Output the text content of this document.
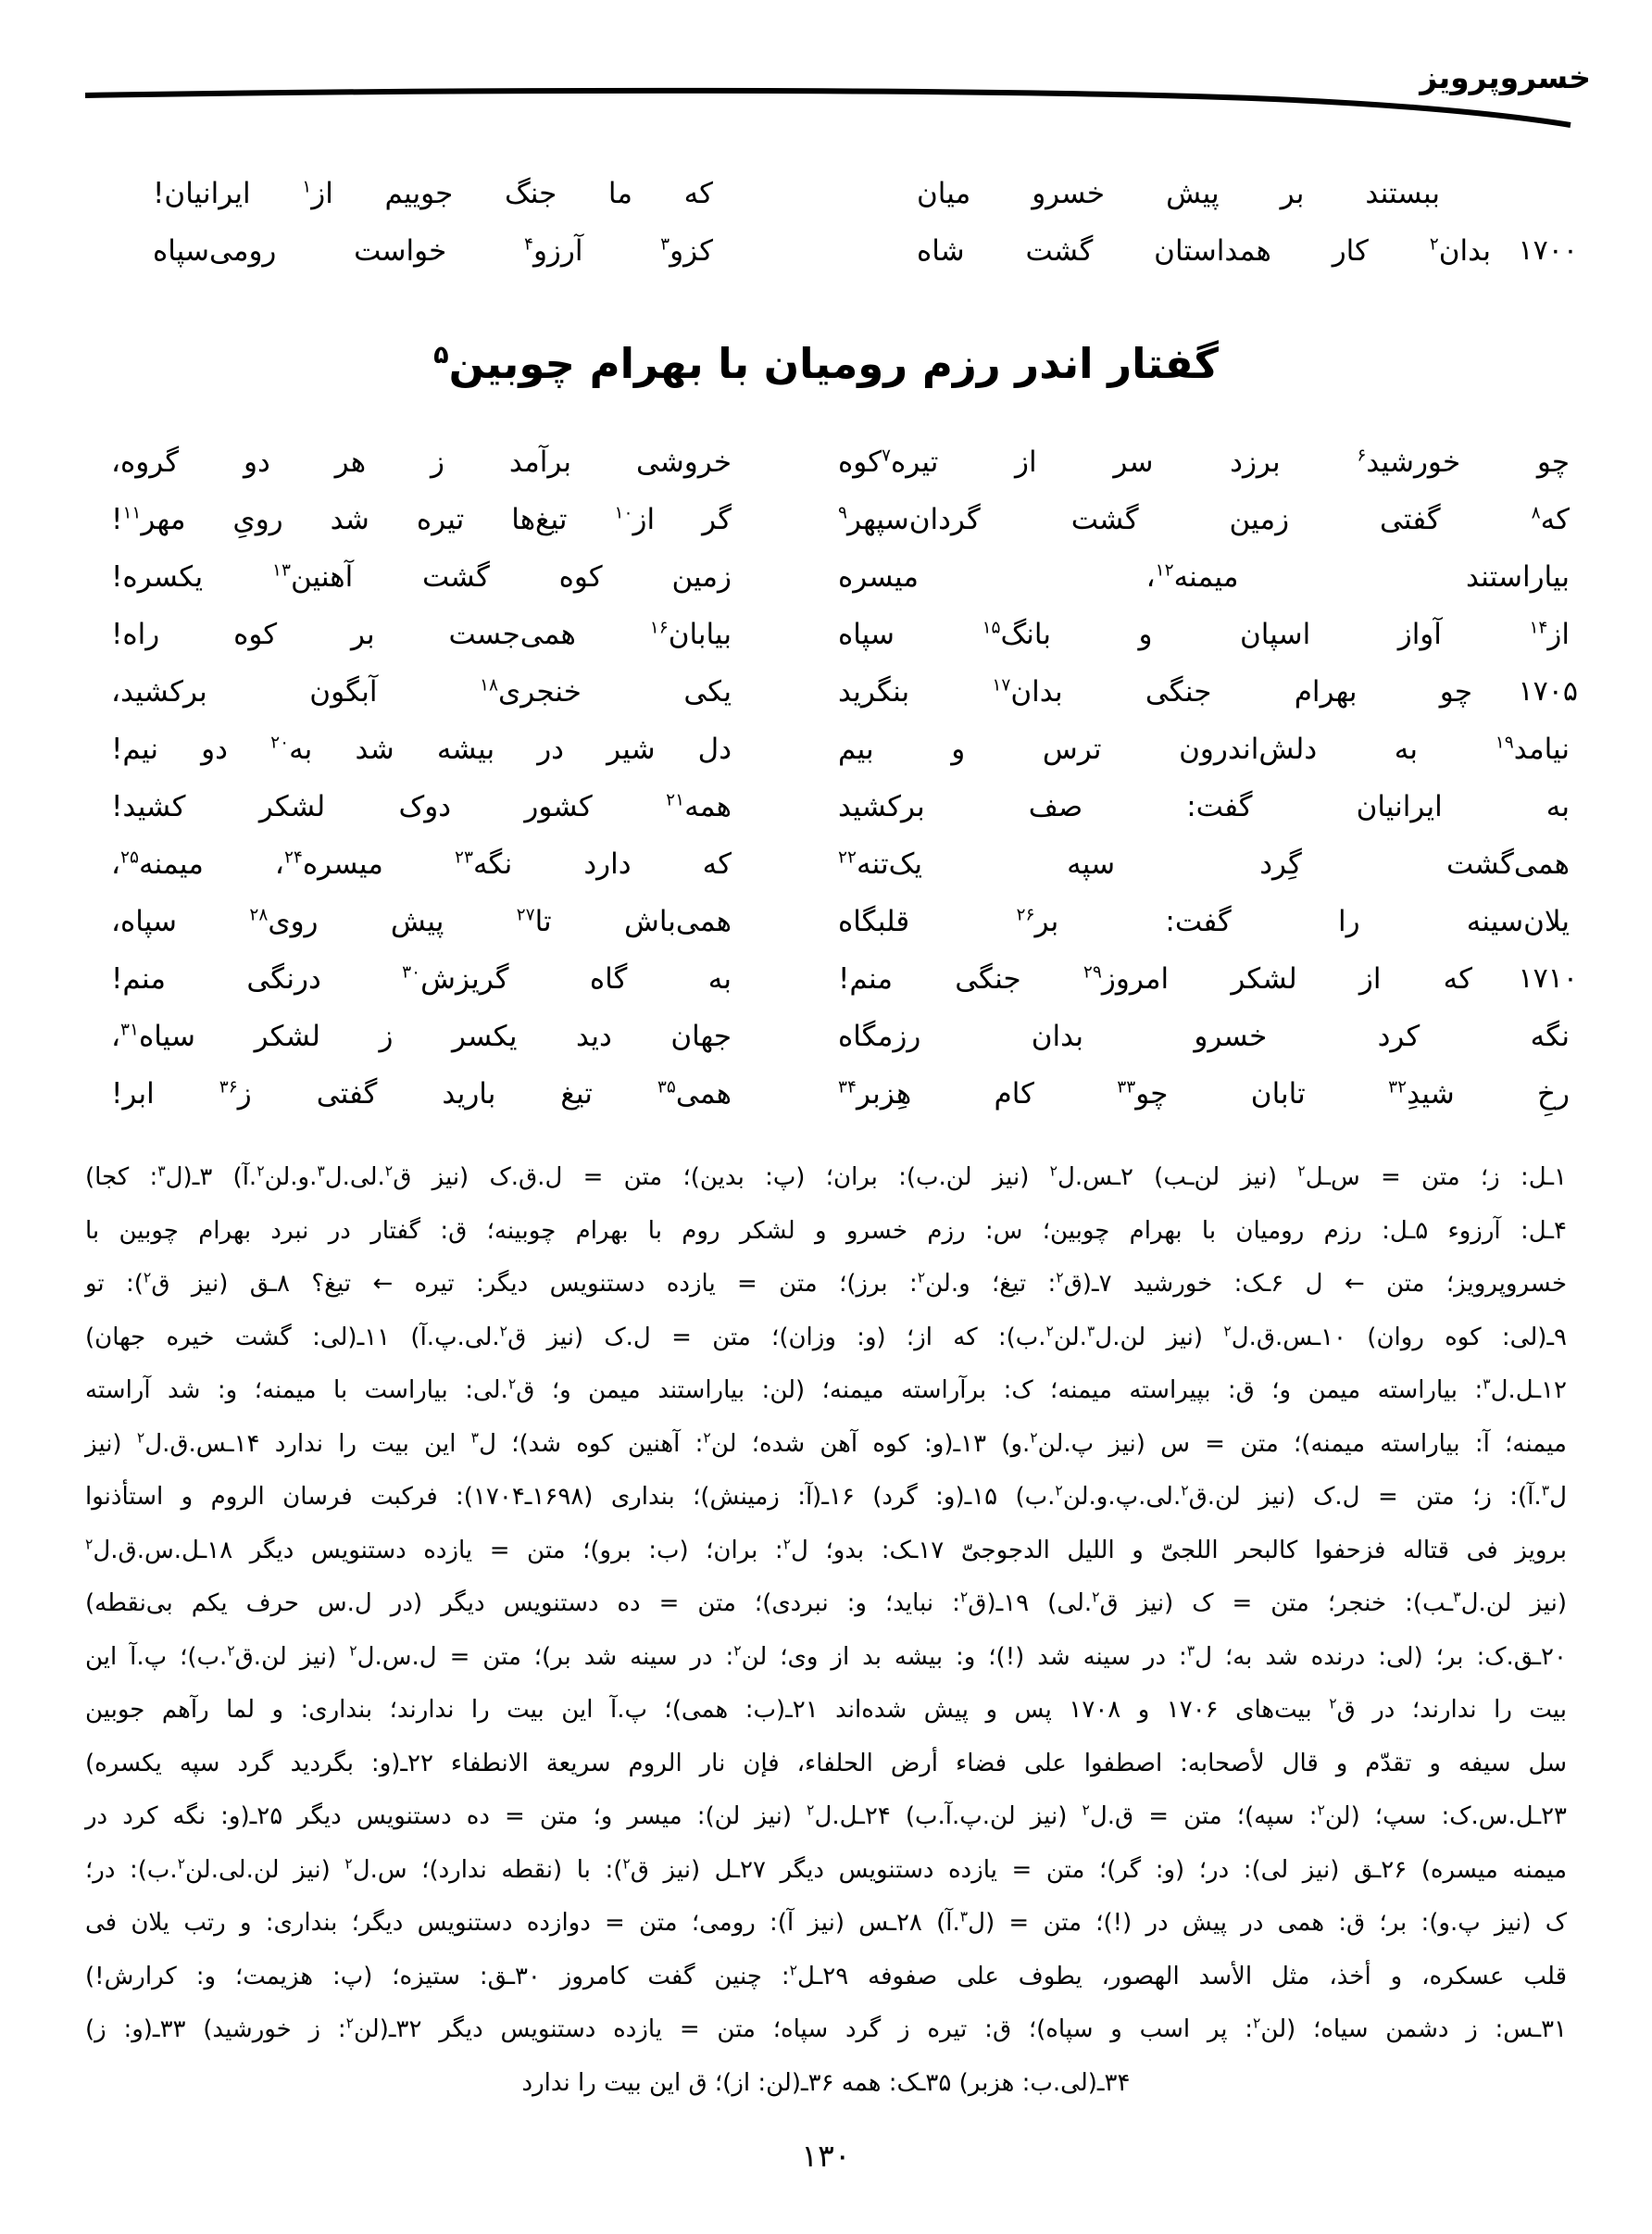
خسروپرویز
ببستند بر پیش خسرو میان
که ما جنگ جوییم از$^۱$ ایرانیان!
۱۷۰۰
بدان$^۲$ کار همداستان گشت شاه
کزو$^۳$ آرزو$^۴$ خواست رومی‌سپاه
گفتار اندر رزم رومیان با بهرام چوبین$^۵$
چو خورشید$^۶$ برزد سر از تیره$^۷$کوه
خروشی برآمد ز هر دو گروه،
که$^۸$ گفتی زمین گشت گردان‌سپهر$^۹$
گر از$^{۱۰}$ تیغ‌ها تیره شد رویِ مهر$^{۱۱}$!
بیاراستند میمنه$^{۱۲}$، میسره
زمین کوه گشت آهنین$^{۱۳}$ یکسره!
از$^{۱۴}$ آواز اسپان و بانگ$^{۱۵}$ سپاه
بیابان$^{۱۶}$ همی‌جست بر کوه راه!
۱۷۰۵
چو بهرام جنگی بدان$^{۱۷}$ بنگرید
یکی خنجری$^{۱۸}$ آبگون برکشید،
نیامد$^{۱۹}$ به دلش‌اندرون ترس و بیم
دل شیر در بیشه شد به$^{۲۰}$ دو نیم!
به ایرانیان گفت: صف برکشید
همه$^{۲۱}$ کشور دوک لشکر کشید!
همی‌گشت گِرد سپه یک‌تنه$^{۲۲}$
که دارد نگه$^{۲۳}$ میسره$^{۲۴}$، میمنه$^{۲۵}$،
یلان‌سینه را گفت: بر$^{۲۶}$ قلبگاه
همی‌باش تا$^{۲۷}$ پیش روی$^{۲۸}$ سپاه،
۱۷۱۰
که از لشکر امروز$^{۲۹}$ جنگی منم!
به گاه گریزش$^{۳۰}$ درنگی منم!
نگه کرد خسرو بدان رزمگاه
جهان دید یکسر ز لشکر سیاه$^{۳۱}$،
رخِ شیدِ$^{۳۲}$ تابان چو$^{۳۳}$ کام هِزبر$^{۳۴}$
همی$^{۳۵}$ تیغ بارید گفتی ز$^{۳۶}$ ابر!
۱ـل: ز؛ متن = س‌ـل$^۲$ (نیز لن‌ـب) ۲ـس.ل$^۲$ (نیز لن.ب): بران؛ (پ: بدین)؛ متن = ل.ق.ک (نیز ق$^۲$.لی.ل$^۳$.و.لن$^۲$.آ) ۳ـ(ل$^۳$: کجا)
۴ـل: آرزوء ۵ـل: رزم رومیان با بهرام چوبین؛ س: رزم خسرو و لشکر روم با بهرام چوبینه؛ ق: گفتار در نبرد بهرام چوبین با
خسروپرویز؛ متن ← ل ۶ـک: خورشید ۷ـ(ق$^۲$: تیغ؛ و.لن$^۲$: برز)؛ متن = یازده دستنویس دیگر: تیره ← تیغ؟ ۸ـق (نیز ق$^۲$): تو
۹ـ(لی: کوه روان) ۱۰ـس.ق.ل$^۲$ (نیز لن.ل$^۳$.لن$^۲$.ب): که از؛ (و: وزان)؛ متن = ل.ک (نیز ق$^۲$.لی.پ.آ) ۱۱ـ(لی: گشت خیره جهان)
۱۲ـل.ل$^۳$: بیاراسته میمن و؛ ق: بپیراسته میمنه؛ ک: برآراسته میمنه؛ (لن: بیاراستند میمن و؛ ق$^۲$.لی: بیاراست با میمنه؛ و: شد آراسته
میمنه؛ آ: بیاراسته میمنه)؛ متن = س (نیز پ.لن$^۲$.و) ۱۳ـ(و: کوه آهن شده؛ لن$^۲$: آهنین کوه شد)؛ ل$^۳$ این بیت را ندارد ۱۴ـس.ق.ل$^۲$ (نیز
ل$^۳$.آ): ز؛ متن = ل.ک (نیز لن.ق$^۲$.لی.پ.و.لن$^۲$.ب) ۱۵ـ(و: گرد) ۱۶ـ(آ: زمینش)؛ بنداری (۱۶۹۸ـ۱۷۰۴): فرکبت فرسان الروم و استأذنوا
برویز فی قتاله فزحفوا کالبحر اللجیّ و اللیل الدجوجیّ ۱۷ـک: بدو؛ ل$^۲$: بران؛ (ب: برو)؛ متن = یازده دستنویس دیگر ۱۸ـل.س.ق.ل$^۲$
(نیز لن.ل$^۳$ـب): خنجر؛ متن = ک (نیز ق$^۲$.لی) ۱۹ـ(ق$^۲$: نباید؛ و: نبردی)؛ متن = ده دستنویس دیگر (در ل.س حرف یکم بی‌نقطه)
۲۰ـق.ک: بر؛ (لی: درنده شد به؛ ل$^۳$: در سینه شد (!)؛ و: بیشه بد از وی؛ لن$^۲$: در سینه شد بر)؛ متن = ل.س.ل$^۲$ (نیز لن.ق$^۲$.ب)؛ پ.آ این
بیت را ندارند؛ در ق$^۲$ بیت‌های ۱۷۰۶ و ۱۷۰۸ پس و پیش شده‌اند ۲۱ـ(ب: همی)؛ پ.آ این بیت را ندارند؛ بنداری: و لما رآهم جوبین
سل سیفه و تقدّم و قال لأصحابه: اصطفوا علی فضاء أرض الحلفاء، فإن نار الروم سریعة الانطفاء ۲۲ـ(و: بگردید گرد سپه یکسره)
۲۳ـل.س.ک: سپ؛ (لن$^۲$: سپه)؛ متن = ق.ل$^۲$ (نیز لن.پ.آ.ب) ۲۴ـل.ل$^۲$ (نیز لن): میسر و؛ متن = ده دستنویس دیگر ۲۵ـ(و: نگه کرد در
میمنه میسره) ۲۶ـق (نیز لی): در؛ (و: گر)؛ متن = یازده دستنویس دیگر ۲۷ـل (نیز ق$^۲$): با (نقطه ندارد)؛ س.ل$^۲$ (نیز لن.لی.لن$^۲$.ب): در؛
ک (نیز پ.و): بر؛ ق: همی در پیش در (!)؛ متن = (ل$^۳$.آ) ۲۸ـس (نیز آ): رومی؛ متن = دوازده دستنویس دیگر؛ بنداری: و رتب یلان فی
قلب عسکره، و أخذ، مثل الأسد الهصور، یطوف علی صفوفه ۲۹ـل$^۲$: چنین گفت کامروز ۳۰ـق: ستیزه؛ (پ: هزیمت؛ و: کرارش!)
۳۱ـس: ز دشمن سیاه؛ (لن$^۲$: پر اسب و سپاه)؛ ق: تیره ز گرد سپاه؛ متن = یازده دستنویس دیگر ۳۲ـ(لن$^۲$: ز خورشید) ۳۳ـ(و: ز)
۳۴ـ(لی.ب: هزبر) ۳۵ـک: همه ۳۶ـ(لن: از)؛ ق این بیت را ندارد
۱۳۰
